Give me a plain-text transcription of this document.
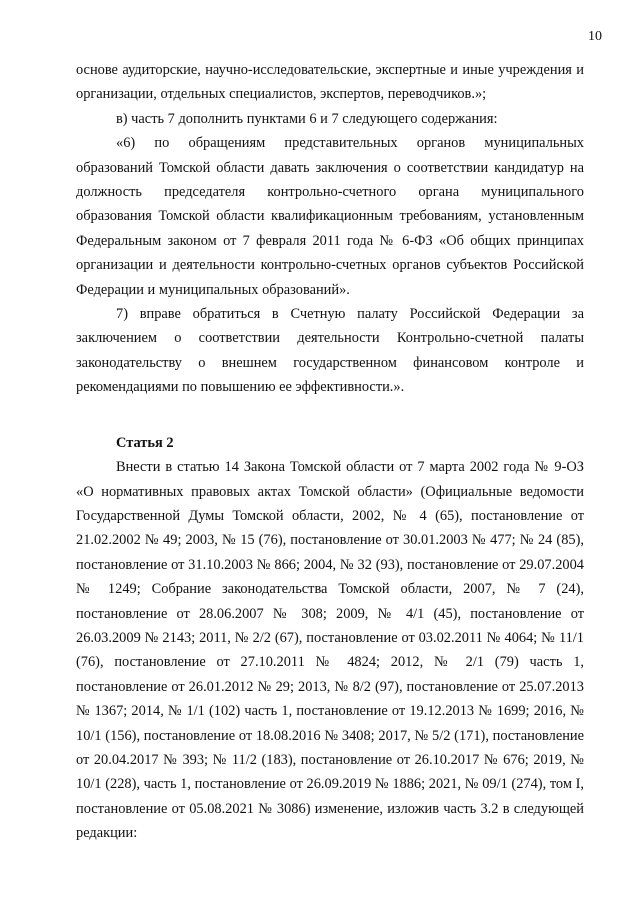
10

основе аудиторские, научно-исследовательские, экспертные и иные учреждения и организации, отдельных специалистов, экспертов, переводчиков.»;

в) часть 7 дополнить пунктами 6 и 7 следующего содержания:

«6) по обращениям представительных органов муниципальных образований Томской области давать заключения о соответствии кандидатур на должность председателя контрольно-счетного органа муниципального образования Томской области квалификационным требованиям, установленным Федеральным законом от 7 февраля 2011 года № 6-ФЗ «Об общих принципах организации и деятельности контрольно-счетных органов субъектов Российской Федерации и муниципальных образований».

7) вправе обратиться в Счетную палату Российской Федерации за заключением о соответствии деятельности Контрольно-счетной палаты законодательству о внешнем государственном финансовом контроле и рекомендациями по повышению ее эффективности.».

Статья 2

Внести в статью 14 Закона Томской области от 7 марта 2002 года № 9-ОЗ «О нормативных правовых актах Томской области» (Официальные ведомости Государственной Думы Томской области, 2002, № 4 (65), постановление от 21.02.2002 № 49; 2003, № 15 (76), постановление от 30.01.2003 № 477; № 24 (85), постановление от 31.10.2003 № 866; 2004, № 32 (93), постановление от 29.07.2004 № 1249; Собрание законодательства Томской области, 2007, № 7 (24), постановление от 28.06.2007 № 308; 2009, № 4/1 (45), постановление от 26.03.2009 № 2143; 2011, № 2/2 (67), постановление от 03.02.2011 № 4064; № 11/1 (76), постановление от 27.10.2011 № 4824; 2012, № 2/1 (79) часть 1, постановление от 26.01.2012 № 29; 2013, № 8/2 (97), постановление от 25.07.2013 № 1367; 2014, № 1/1 (102) часть 1, постановление от 19.12.2013 № 1699; 2016, № 10/1 (156), постановление от 18.08.2016 № 3408; 2017, № 5/2 (171), постановление от 20.04.2017 № 393; № 11/2 (183), постановление от 26.10.2017 № 676; 2019, № 10/1 (228), часть 1, постановление от 26.09.2019 № 1886; 2021, № 09/1 (274), том I, постановление от 05.08.2021 № 3086) изменение, изложив часть 3.2 в следующей редакции:
